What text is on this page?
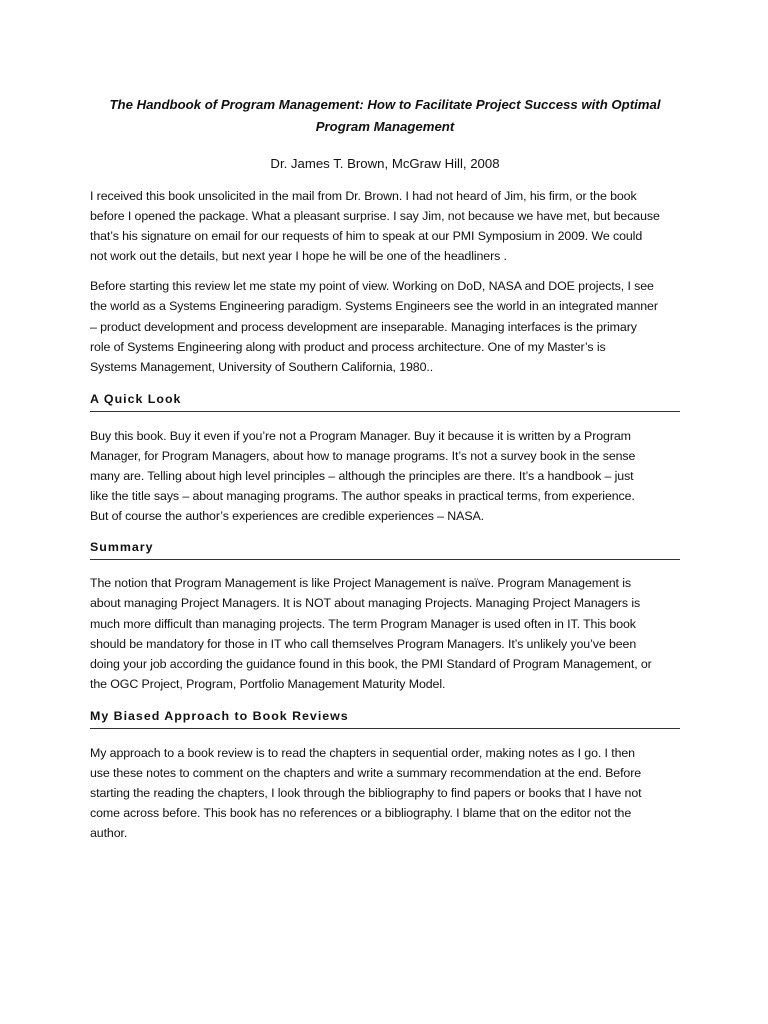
The Handbook of Program Management: How to Facilitate Project Success with Optimal
Program Management

Dr. James T. Brown, McGraw Hill, 2008

I received this book unsolicited in the mail from Dr. Brown. I had not heard of Jim, his firm, or the book
before I opened the package. What a pleasant surprise. I say Jim, not because we have met, but because
that’s his signature on email for our requests of him to speak at our PMI Symposium in 2009. We could
not work out the details, but next year I hope he will be one of the headliners .

Before starting this review let me state my point of view. Working on DoD, NASA and DOE projects, I see
the world as a Systems Engineering paradigm. Systems Engineers see the world in an integrated manner
– product development and process development are inseparable. Managing interfaces is the primary
role of Systems Engineering along with product and process architecture. One of my Master’s is
Systems Management, University of Southern California, 1980..

A Quick Look

Buy this book. Buy it even if you’re not a Program Manager. Buy it because it is written by a Program
Manager, for Program Managers, about how to manage programs. It’s not a survey book in the sense
many are. Telling about high level principles – although the principles are there. It’s a handbook – just
like the title says – about managing programs. The author speaks in practical terms, from experience.
But of course the author’s experiences are credible experiences – NASA.

Summary

The notion that Program Management is like Project Management is naïve. Program Management is
about managing Project Managers. It is NOT about managing Projects. Managing Project Managers is
much more difficult than managing projects. The term Program Manager is used often in IT. This book
should be mandatory for those in IT who call themselves Program Managers. It’s unlikely you’ve been
doing your job according the guidance found in this book, the PMI Standard of Program Management, or
the OGC Project, Program, Portfolio Management Maturity Model.

My Biased Approach to Book Reviews

My approach to a book review is to read the chapters in sequential order, making notes as I go. I then
use these notes to comment on the chapters and write a summary recommendation at the end. Before
starting the reading the chapters, I look through the bibliography to find papers or books that I have not
come across before. This book has no references or a bibliography. I blame that on the editor not the
author.
